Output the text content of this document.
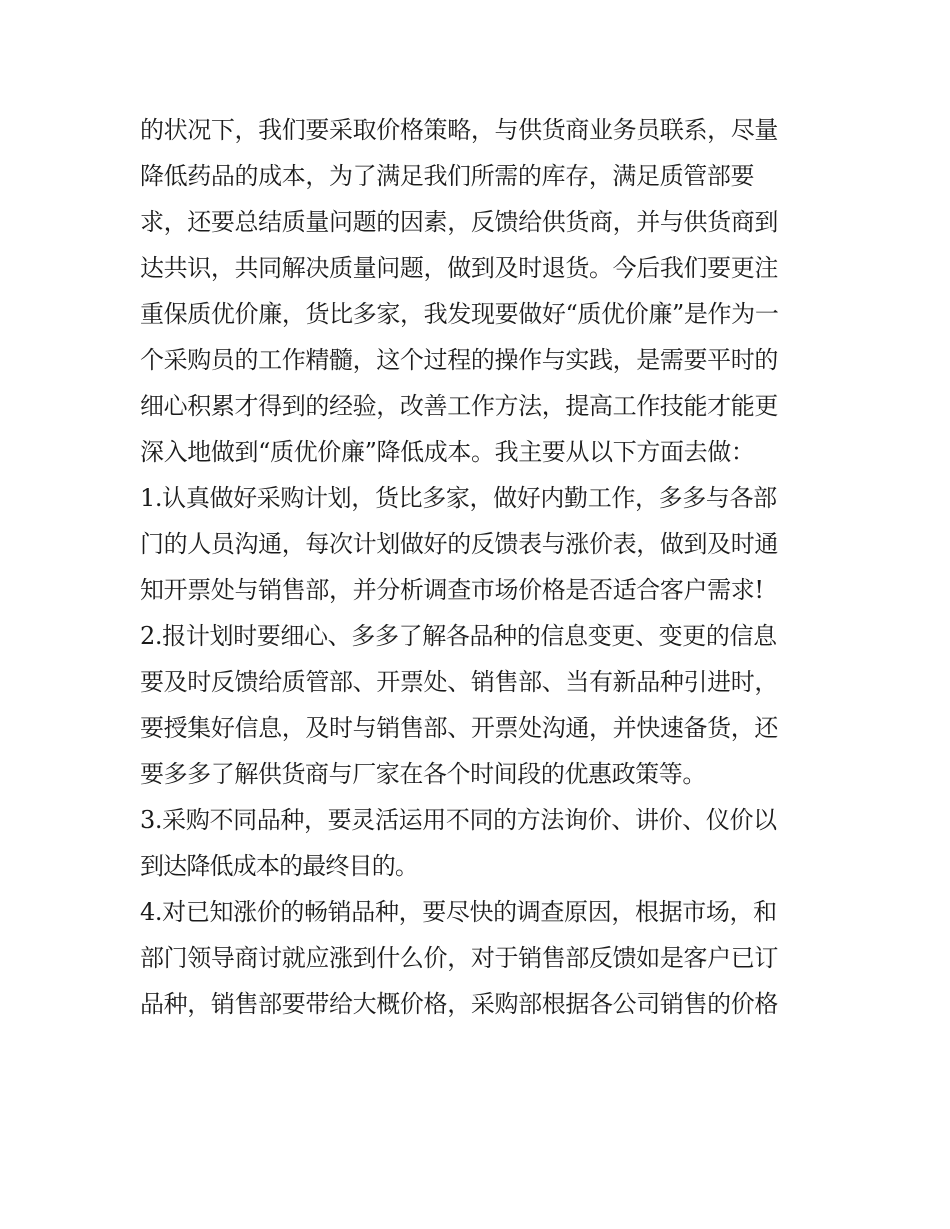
的状况下，我们要采取价格策略，与供货商业务员联系，尽量
降低药品的成本，为了满足我们所需的库存，满足质管部要
求，还要总结质量问题的因素，反馈给供货商，并与供货商到
达共识，共同解决质量问题，做到及时退货。今后我们要更注
重保质优价廉，货比多家，我发现要做好“质优价廉”是作为一
个采购员的工作精髓，这个过程的操作与实践，是需要平时的
细心积累才得到的经验，改善工作方法，提高工作技能才能更
深入地做到“质优价廉”降低成本。我主要从以下方面去做：
1.认真做好采购计划，货比多家，做好内勤工作，多多与各部
门的人员沟通，每次计划做好的反馈表与涨价表，做到及时通
知开票处与销售部，并分析调查市场价格是否适合客户需求!
2.报计划时要细心、多多了解各品种的信息变更、变更的信息
要及时反馈给质管部、开票处、销售部、当有新品种引进时，
要授集好信息，及时与销售部、开票处沟通，并快速备货，还
要多多了解供货商与厂家在各个时间段的优惠政策等。
3.采购不同品种，要灵活运用不同的方法询价、讲价、仪价以
到达降低成本的最终目的。
4.对已知涨价的畅销品种，要尽快的调查原因，根据市场，和
部门领导商讨就应涨到什么价，对于销售部反馈如是客户已订
品种，销售部要带给大概价格，采购部根据各公司销售的价格
